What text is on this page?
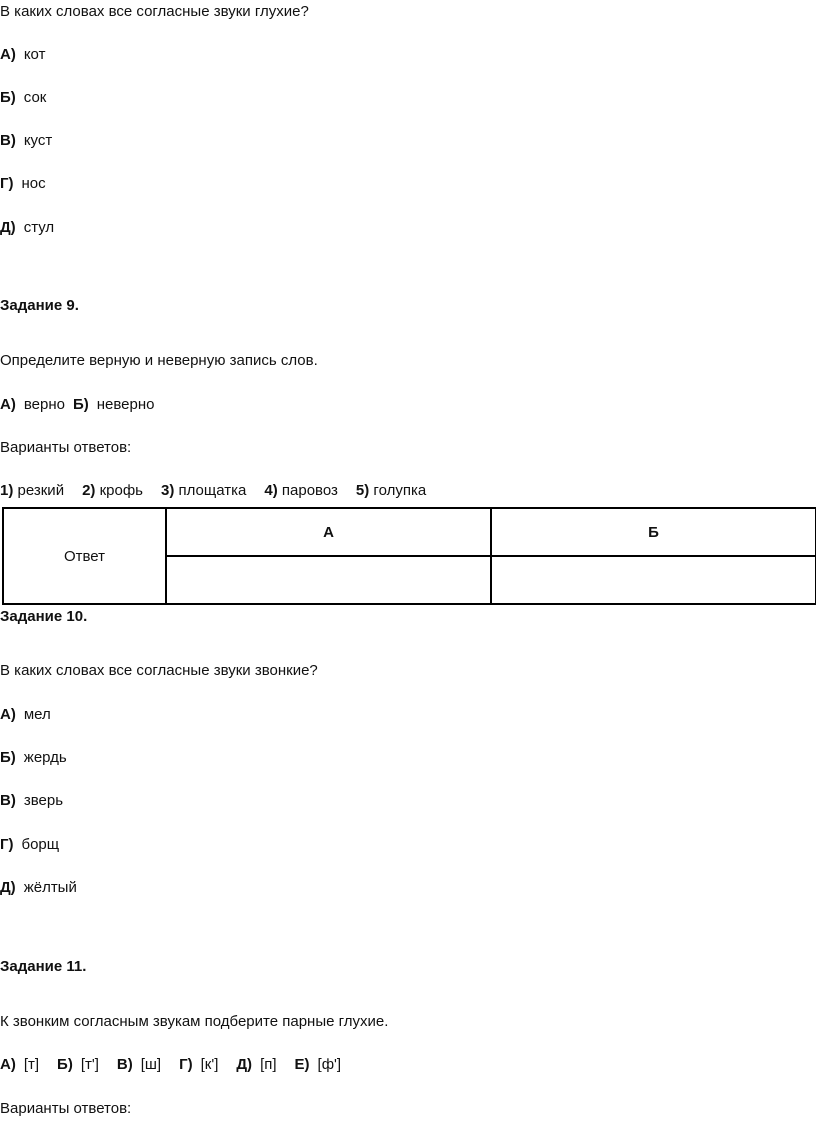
В каких словах все согласные звуки глухие?
А) кот
Б) сок
В) куст
Г) нос
Д) стул
Задание 9.
Определите верную и неверную запись слов.
А) верно Б) неверно
Варианты ответов:
1) резкий 2) крофь 3) площатка 4) паровоз 5) голупка
Ответ	А	Б

Задание 10.
В каких словах все согласные звуки звонкие?
А) мел
Б) жердь
В) зверь
Г) борщ
Д) жёлтый
Задание 11.
К звонким согласным звукам подберите парные глухие.
А) [т] Б) [т'] В) [ш] Г) [к'] Д) [п] Е) [ф']
Варианты ответов:
